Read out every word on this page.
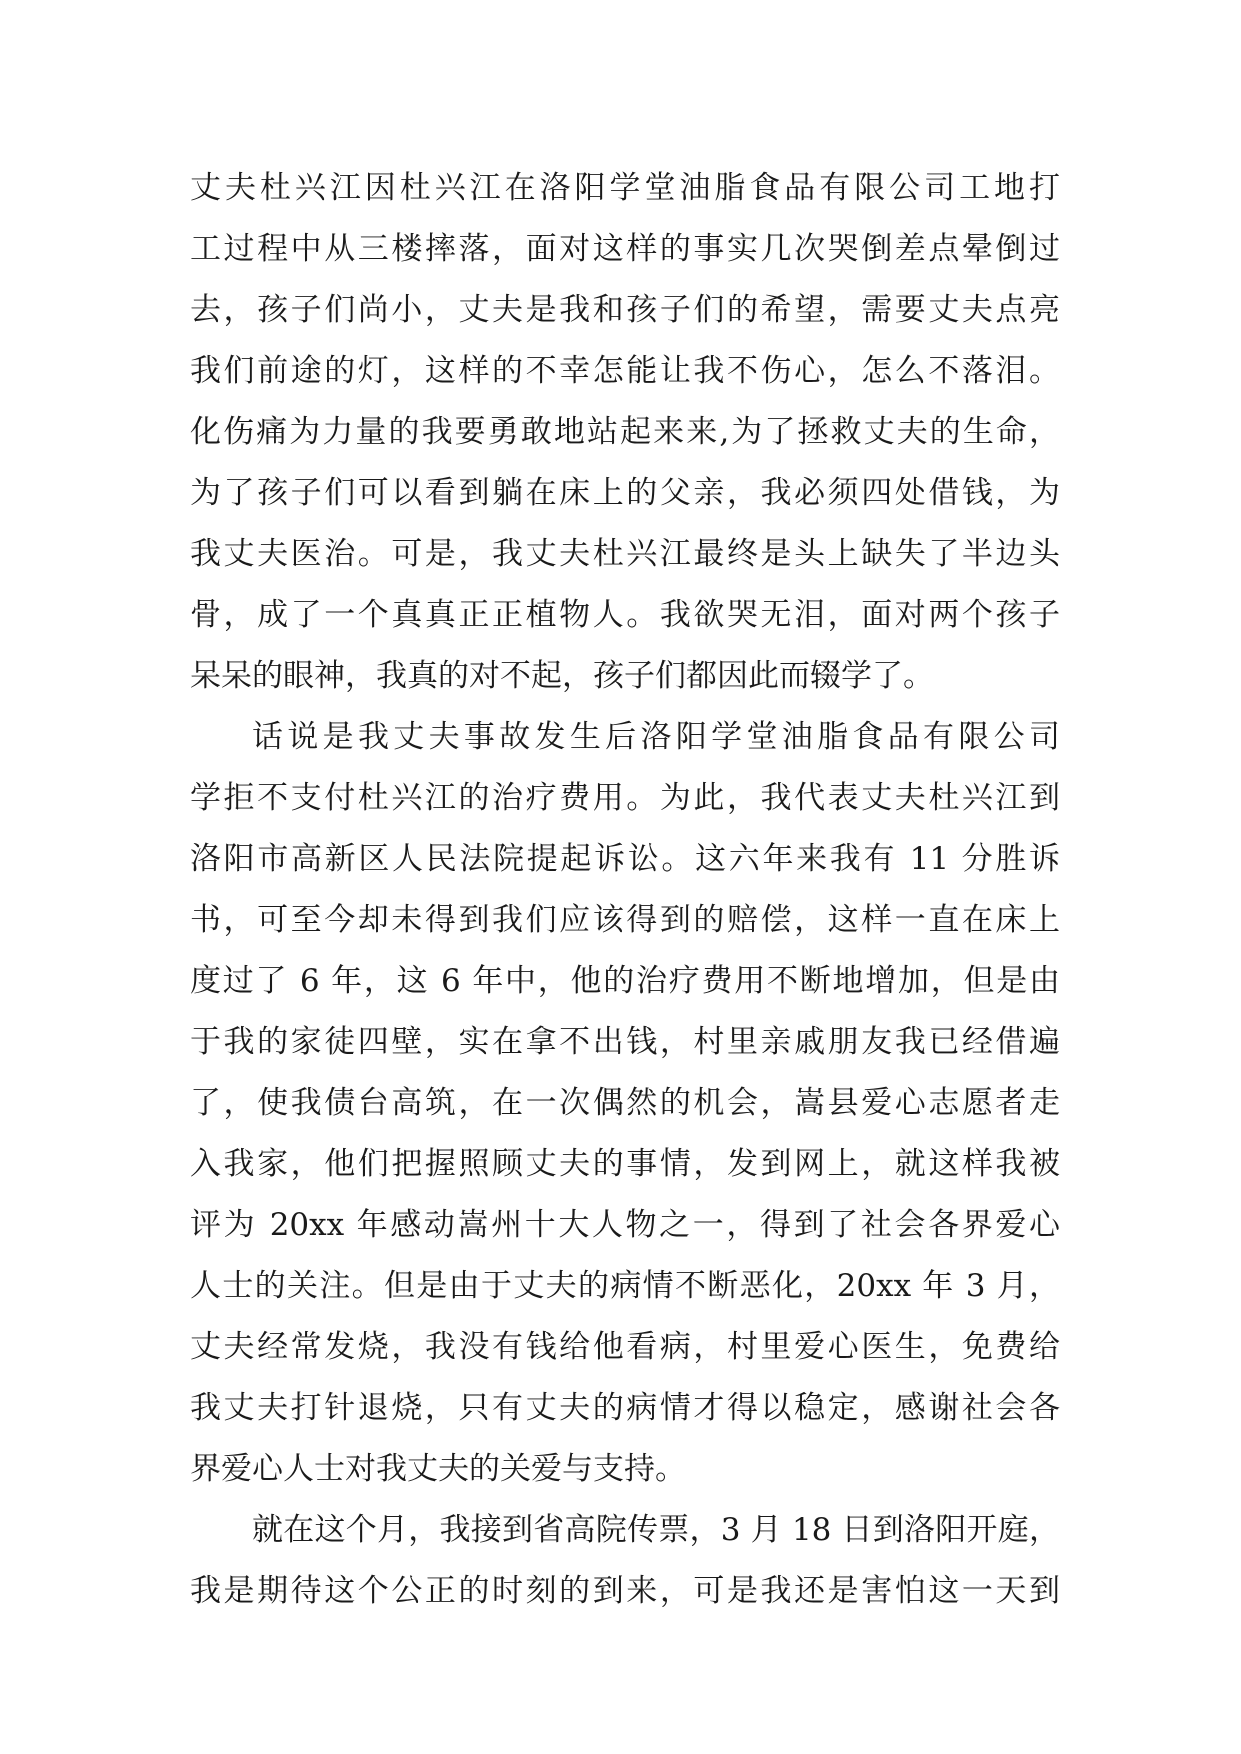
丈夫杜兴江因杜兴江在洛阳学堂油脂食品有限公司工地打
工过程中从三楼摔落，面对这样的事实几次哭倒差点晕倒过
去，孩子们尚小，丈夫是我和孩子们的希望，需要丈夫点亮
我们前途的灯，这样的不幸怎能让我不伤心，怎么不落泪。
化伤痛为力量的我要勇敢地站起来来,为了拯救丈夫的生命，
为了孩子们可以看到躺在床上的父亲，我必须四处借钱，为
我丈夫医治。可是，我丈夫杜兴江最终是头上缺失了半边头
骨，成了一个真真正正植物人。我欲哭无泪，面对两个孩子
呆呆的眼神，我真的对不起，孩子们都因此而辍学了。
话说是我丈夫事故发生后洛阳学堂油脂食品有限公司
学拒不支付杜兴江的治疗费用。为此，我代表丈夫杜兴江到
洛阳市高新区人民法院提起诉讼。这六年来我有 11 分胜诉
书，可至今却未得到我们应该得到的赔偿，这样一直在床上
度过了 6 年，这 6 年中，他的治疗费用不断地增加，但是由
于我的家徒四壁，实在拿不出钱，村里亲戚朋友我已经借遍
了，使我债台高筑，在一次偶然的机会，嵩县爱心志愿者走
入我家，他们把握照顾丈夫的事情，发到网上，就这样我被
评为 20xx 年感动嵩州十大人物之一，得到了社会各界爱心
人士的关注。但是由于丈夫的病情不断恶化，20xx 年 3 月，
丈夫经常发烧，我没有钱给他看病，村里爱心医生，免费给
我丈夫打针退烧，只有丈夫的病情才得以稳定，感谢社会各
界爱心人士对我丈夫的关爱与支持。
就在这个月，我接到省高院传票，3 月 18 日到洛阳开庭，
我是期待这个公正的时刻的到来，可是我还是害怕这一天到
